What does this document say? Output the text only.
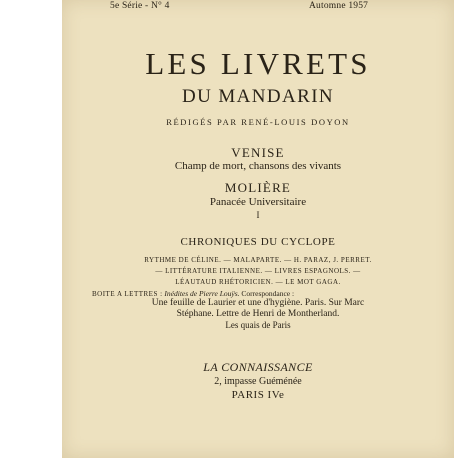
5e Série - N° 4	Automne 1957
LES LIVRETS
DU MANDARIN
RÉDIGÉS PAR RENÉ-LOUIS DOYON
VENISE
Champ de mort, chansons des vivants
MOLIÈRE
Panacée Universitaire
I
CHRONIQUES DU CYCLOPE
RYTHME DE CÉLINE. — MALAPARTE. — H. PARAZ, J. PERRET.
— LITTÉRATURE ITALIENNE. — LIVRES ESPAGNOLS. —
LÉAUTAUD RHÉTORICIEN. — LE MOT GAGA.
BOITE A LETTRES : Inédites de Pierre Louÿs. Correspondance :
Une feuille de Laurier et une d'hygiène. Paris. Sur Marc
Stéphane. Lettre de Henri de Montherland.
Les quais de Paris
LA CONNAISSANCE
2, impasse Guéménée
PARIS IVe
